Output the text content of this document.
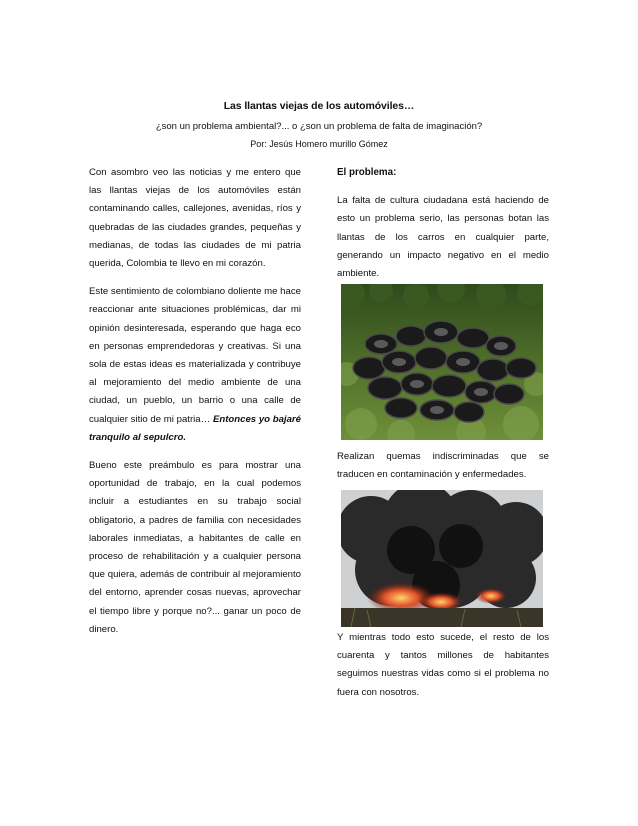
Las llantas viejas de los automóviles…
¿son un problema ambiental?... o ¿son un problema de falta de imaginación?
Por: Jesús Homero murillo Gómez

Con asombro veo las noticias y me entero que las llantas viejas de los automóviles están contaminando calles, callejones, avenidas, ríos y quebradas de las ciudades grandes, pequeñas y medianas, de todas las ciudades de mi patria querida, Colombia te llevo en mi corazón.

Este sentimiento de colombiano doliente me hace reaccionar ante situaciones problémicas, dar mi opinión desinteresada, esperando que haga eco en personas emprendedoras y creativas. Si una sola de estas ideas es materializada y contribuye al mejoramiento del medio ambiente de una ciudad, un pueblo, un barrio o una calle de cualquier sitio de mi patria… Entonces yo bajaré tranquilo al sepulcro.

Bueno este preámbulo es para mostrar una oportunidad de trabajo, en la cual podemos incluir a estudiantes en su trabajo social obligatorio, a padres de familia con necesidades laborales inmediatas, a habitantes de calle en proceso de rehabilitación y a cualquier persona que quiera, además de contribuir al mejoramiento del entorno, aprender cosas nuevas, aprovechar el tiempo libre y porque no?... ganar un poco de dinero.

El problema:

La falta de cultura ciudadana está haciendo de esto un problema serio, las personas botan las llantas de los carros en cualquier parte, generando un impacto negativo en el medio ambiente.

Realizan quemas indiscriminadas que se traducen en contaminación y enfermedades.

Y mientras todo esto sucede, el resto de los cuarenta y tantos millones de habitantes seguimos nuestras vidas como si el problema no fuera con nosotros.
